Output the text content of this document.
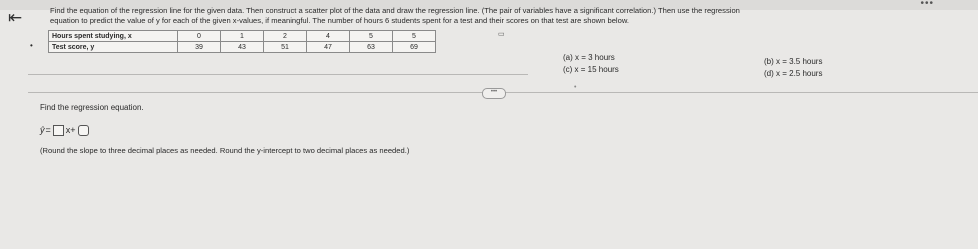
•••
⇤	Find the equation of the regression line for the given data. Then construct a scatter plot of the data and draw the regression line. (The pair of variables have a significant correlation.) Then use the regression
equation to predict the value of y for each of the given x-values, if meaningful. The number of hours 6 students spent for a test and their scores on that test are shown below.
Hours spent studying, x	0	1	2	4	5	5
Test score, y	39	43	51	47	63	69
▭
•
(a) x = 3 hours	(b) x = 3.5 hours
(c) x = 15 hours	(d) x = 2.5 hours
•••
•
Find the regression equation.
ŷ = x +
(Round the slope to three decimal places as needed. Round the y-intercept to two decimal places as needed.)
